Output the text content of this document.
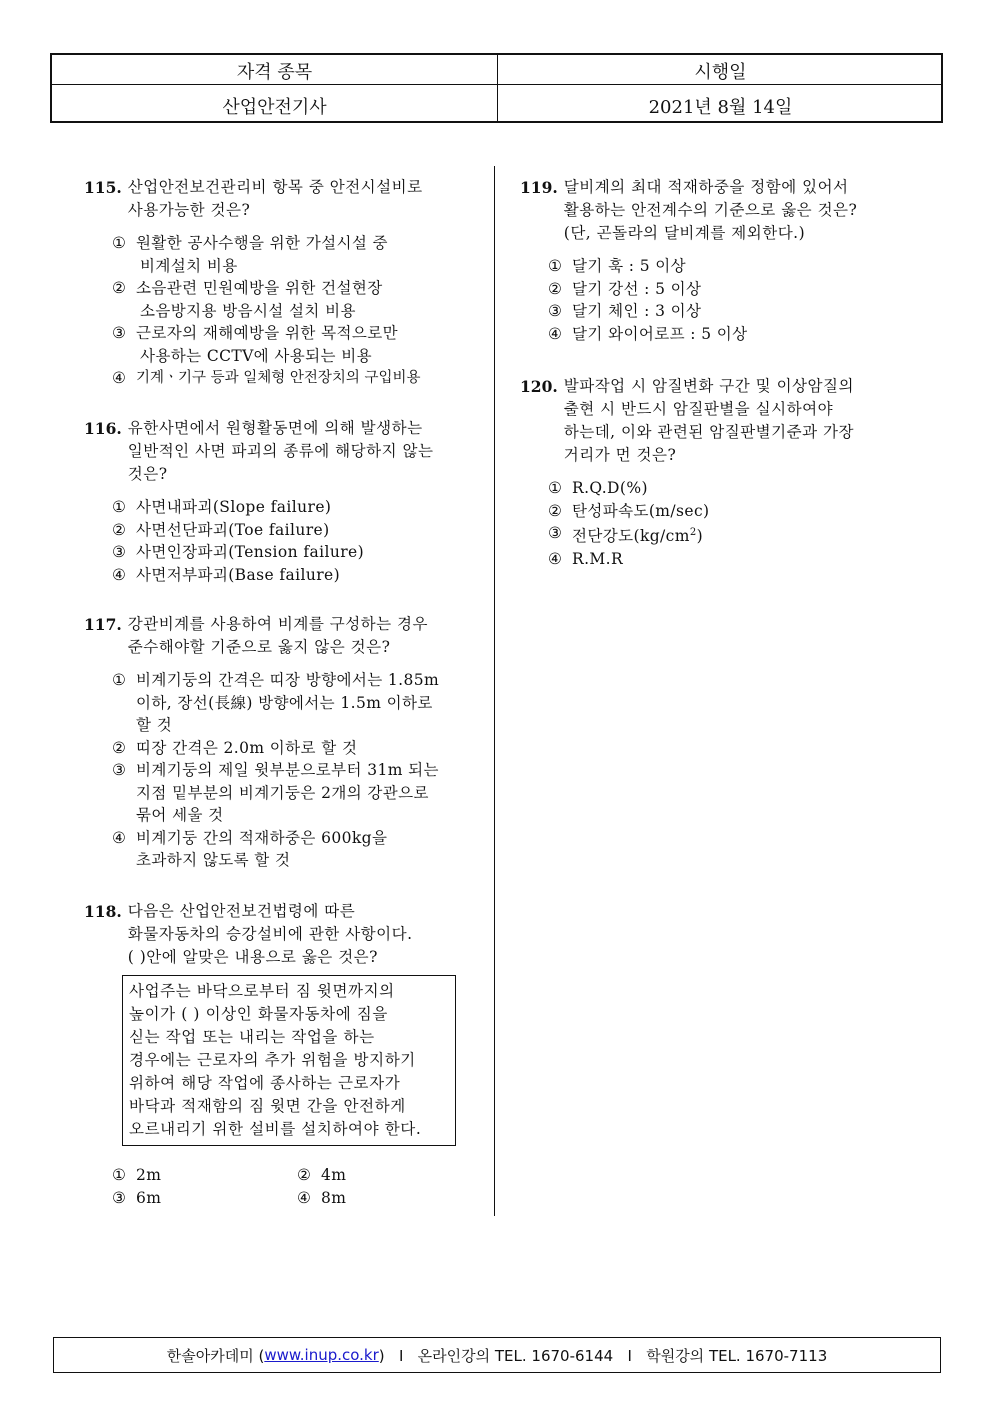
자격 종목	시행일
산업안전기사	2021년 8월 14일
115. 산업안전보건관리비 항목 중 안전시설비로
사용가능한 것은?
① 원활한 공사수행을 위한 가설시설 중
비계설치 비용
② 소음관련 민원예방을 위한 건설현장
소음방지용 방음시설 설치 비용
③ 근로자의 재해예방을 위한 목적으로만
사용하는 CCTV에 사용되는 비용
④ 기계ㆍ기구 등과 일체형 안전장치의 구입비용
116. 유한사면에서 원형활동면에 의해 발생하는
일반적인 사면 파괴의 종류에 해당하지 않는
것은?
① 사면내파괴(Slope failure)
② 사면선단파괴(Toe failure)
③ 사면인장파괴(Tension failure)
④ 사면저부파괴(Base failure)
117. 강관비계를 사용하여 비계를 구성하는 경우
준수해야할 기준으로 옳지 않은 것은?
① 비계기둥의 간격은 띠장 방향에서는 1.85m
이하, 장선(長線) 방향에서는 1.5m 이하로
할 것
② 띠장 간격은 2.0m 이하로 할 것
③ 비계기둥의 제일 윗부분으로부터 31m 되는
지점 밑부분의 비계기둥은 2개의 강관으로
묶어 세울 것
④ 비계기둥 간의 적재하중은 600kg을
초과하지 않도록 할 것
118. 다음은 산업안전보건법령에 따른
화물자동차의 승강설비에 관한 사항이다.
( )안에 알맞은 내용으로 옳은 것은?
사업주는 바닥으로부터 짐 윗면까지의
높이가 ( ) 이상인 화물자동차에 짐을
싣는 작업 또는 내리는 작업을 하는
경우에는 근로자의 추가 위험을 방지하기
위하여 해당 작업에 종사하는 근로자가
바닥과 적재함의 짐 윗면 간을 안전하게
오르내리기 위한 설비를 설치하여야 한다.
① 2m	② 4m
③ 6m	④ 8m
119. 달비계의 최대 적재하중을 정함에 있어서
활용하는 안전계수의 기준으로 옳은 것은?
(단, 곤돌라의 달비계를 제외한다.)
① 달기 훅 : 5 이상
② 달기 강선 : 5 이상
③ 달기 체인 : 3 이상
④ 달기 와이어로프 : 5 이상
120. 발파작업 시 암질변화 구간 및 이상암질의
출현 시 반드시 암질판별을 실시하여야
하는데, 이와 관련된 암질판별기준과 가장
거리가 먼 것은?
① R.Q.D(%)
② 탄성파속도(m/sec)
③ 전단강도$(kg/cm^2)$
④ R.M.R
한솔아카데미 ( www.inup.co.kr )   I   온라인강의 TEL. 1670-6144   I   학원강의 TEL. 1670-7113
